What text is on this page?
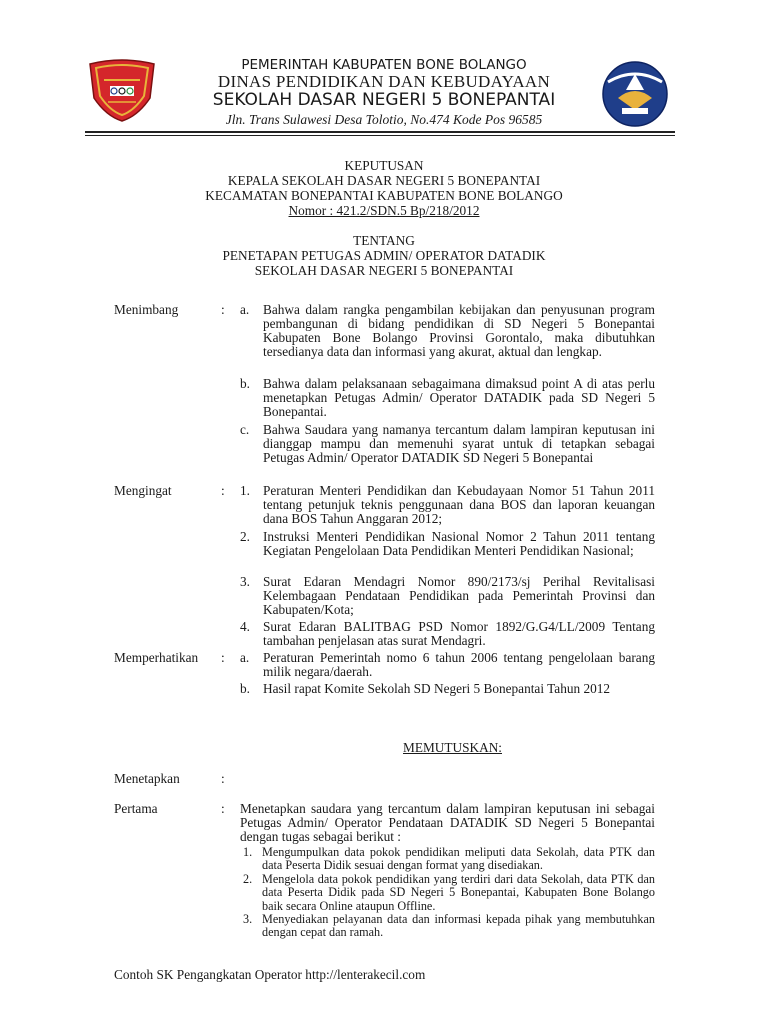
PEMERINTAH KABUPATEN BONE BOLANGO
DINAS PENDIDIKAN DAN KEBUDAYAAN
SEKOLAH DASAR NEGERI 5 BONEPANTAI
Jln. Trans Sulawesi Desa Tolotio, No.474 Kode Pos 96585
KEPUTUSAN
KEPALA SEKOLAH DASAR NEGERI 5 BONEPANTAI
KECAMATAN BONEPANTAI KABUPATEN BONE BOLANGO
Nomor : 421.2/SDN.5 Bp/218/2012
TENTANG
PENETAPAN PETUGAS ADMIN/ OPERATOR DATADIK
SEKOLAH DASAR NEGERI 5 BONEPANTAI
Menimbang	: a. Bahwa dalam rangka pengambilan kebijakan dan penyusunan program pembangunan di bidang pendidikan di SD Negeri 5 Bonepantai Kabupaten Bone Bolango Provinsi Gorontalo, maka dibutuhkan tersedianya data dan informasi yang akurat, aktual dan lengkap.
b. Bahwa dalam pelaksanaan sebagaimana dimaksud point A di atas perlu menetapkan Petugas Admin/ Operator DATADIK pada SD Negeri 5 Bonepantai.
c. Bahwa Saudara yang namanya tercantum dalam lampiran keputusan ini dianggap mampu dan memenuhi syarat untuk di tetapkan sebagai Petugas Admin/ Operator DATADIK SD Negeri 5 Bonepantai
Mengingat	: 1. Peraturan Menteri Pendidikan dan Kebudayaan Nomor 51 Tahun 2011 tentang petunjuk teknis penggunaan dana BOS dan laporan keuangan dana BOS Tahun Anggaran 2012;
2. Instruksi Menteri Pendidikan Nasional Nomor 2 Tahun 2011 tentang Kegiatan Pengelolaan Data Pendidikan Menteri Pendidikan Nasional;
3. Surat Edaran Mendagri Nomor 890/2173/sj Perihal Revitalisasi Kelembagaan Pendataan Pendidikan pada Pemerintah Provinsi dan Kabupaten/Kota;
4. Surat Edaran BALITBAG PSD Nomor 1892/G.G4/LL/2009 Tentang tambahan penjelasan atas surat Mendagri.
Memperhatikan : a. Peraturan Pemerintah nomo 6 tahun 2006 tentang pengelolaan barang milik negara/daerah.
b. Hasil rapat Komite Sekolah SD Negeri 5 Bonepantai Tahun 2012
MEMUTUSKAN:
Menetapkan	:
Pertama	: Menetapkan saudara yang tercantum dalam lampiran keputusan ini sebagai Petugas Admin/ Operator Pendataan DATADIK SD Negeri 5 Bonepantai dengan tugas sebagai berikut :
1. Mengumpulkan data pokok pendidikan meliputi data Sekolah, data PTK dan data Peserta Didik sesuai dengan format yang disediakan.
2. Mengelola data pokok pendidikan yang terdiri dari data Sekolah, data PTK dan data Peserta Didik pada SD Negeri 5 Bonepantai, Kabupaten Bone Bolango baik secara Online ataupun Offline.
3. Menyediakan pelayanan data dan informasi kepada pihak yang membutuhkan dengan cepat dan ramah.
Contoh SK Pengangkatan Operator http://lenterakecil.com
